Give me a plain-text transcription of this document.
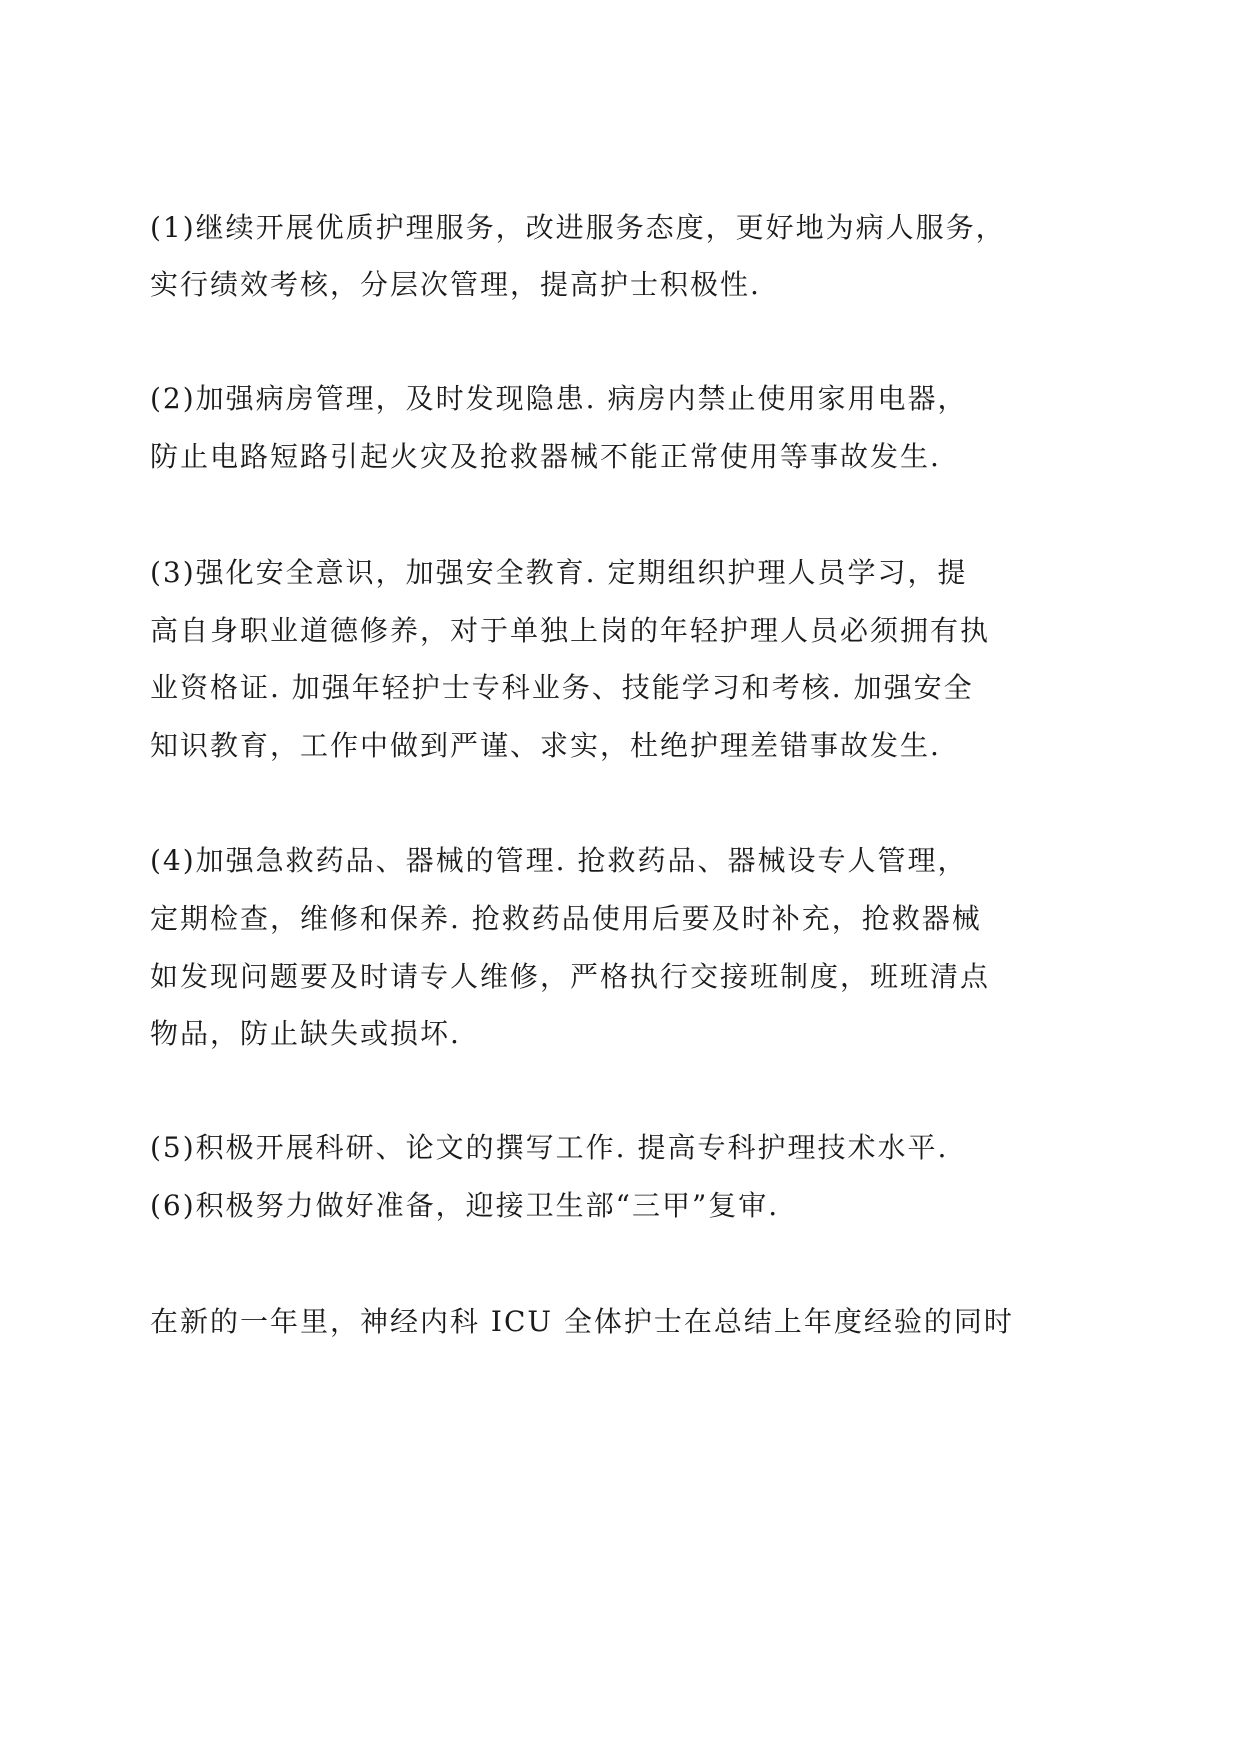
(1)继续开展优质护理服务，改进服务态度，更好地为病人服务，
实行绩效考核，分层次管理，提高护士积极性.
(2)加强病房管理，及时发现隐患. 病房内禁止使用家用电器，
防止电路短路引起火灾及抢救器械不能正常使用等事故发生.
(3)强化安全意识，加强安全教育. 定期组织护理人员学习，提
高自身职业道德修养，对于单独上岗的年轻护理人员必须拥有执
业资格证. 加强年轻护士专科业务、技能学习和考核. 加强安全
知识教育，工作中做到严谨、求实，杜绝护理差错事故发生.
(4)加强急救药品、器械的管理. 抢救药品、器械设专人管理，
定期检查，维修和保养. 抢救药品使用后要及时补充，抢救器械
如发现问题要及时请专人维修，严格执行交接班制度，班班清点
物品，防止缺失或损坏.
(5)积极开展科研、论文的撰写工作. 提高专科护理技术水平.
(6)积极努力做好准备，迎接卫生部“三甲”复审.
在新的一年里，神经内科 ICU 全体护士在总结上年度经验的同时
